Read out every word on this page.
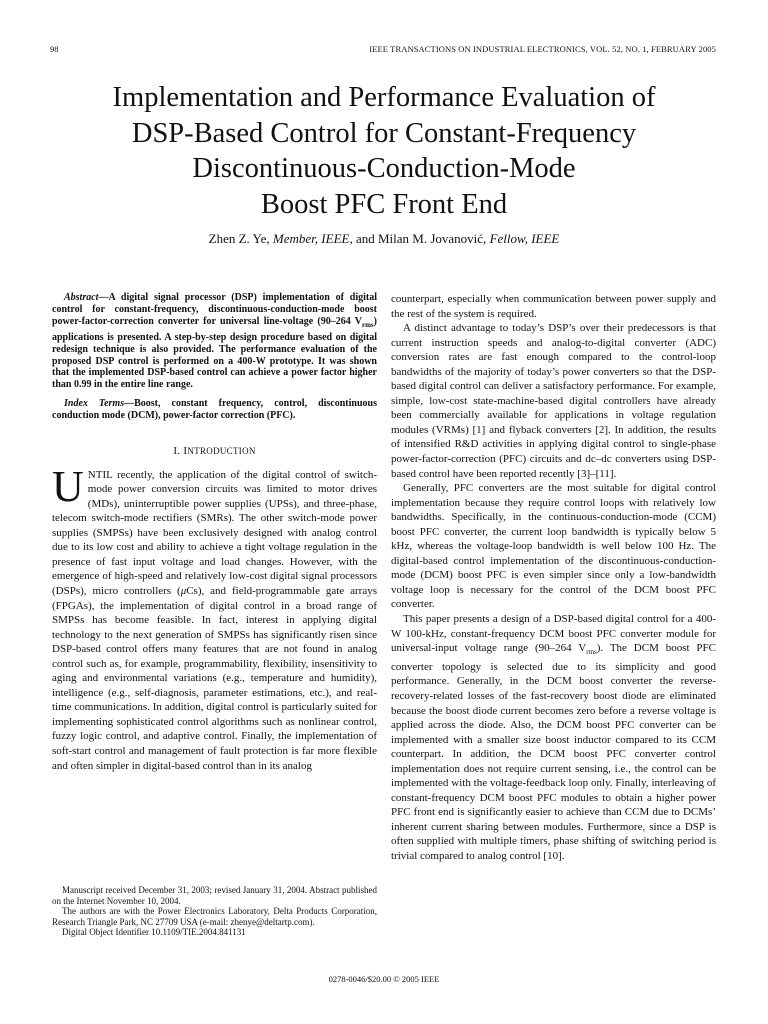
98	IEEE TRANSACTIONS ON INDUSTRIAL ELECTRONICS, VOL. 52, NO. 1, FEBRUARY 2005
Implementation and Performance Evaluation of
DSP-Based Control for Constant-Frequency
Discontinuous-Conduction-Mode
Boost PFC Front End
Zhen Z. Ye, Member, IEEE, and Milan M. Jovanović, Fellow, IEEE

Abstract—A digital signal processor (DSP) implementation of digital control for constant-frequency, discontinuous-conduction-mode boost power-factor-correction converter for universal line-voltage (90–264 $V_{rms}$) applications is presented. A step-by-step design procedure based on digital redesign technique is also provided. The performance evaluation of the proposed DSP control is performed on a 400-W prototype. It was shown that the implemented DSP-based control can achieve a power factor higher than 0.99 in the entire line range.

Index Terms—Boost, constant frequency, control, discontinuous conduction mode (DCM), power-factor correction (PFC).

I. INTRODUCTION

UNTIL recently, the application of the digital control of switch-mode power conversion circuits was limited to motor drives (MDs), uninterruptible power supplies (UPSs), and three-phase, telecom switch-mode rectifiers (SMRs). The other switch-mode power supplies (SMPSs) have been exclusively designed with analog control due to its low cost and ability to achieve a tight voltage regulation in the presence of fast input voltage and load changes. However, with the emergence of high-speed and relatively low-cost digital signal processors (DSPs), micro controllers (μCs), and field-programmable gate arrays (FPGAs), the implementation of digital control in a broad range of SMPSs has become feasible. In fact, interest in applying digital technology to the next generation of SMPSs has significantly risen since DSP-based control offers many features that are not found in analog control such as, for example, programmability, flexibility, insensitivity to aging and environmental variations (e.g., temperature and humidity), intelligence (e.g., self-diagnosis, parameter estimations, etc.), and real-time communications. In addition, digital control is particularly suited for implementing sophisticated control algorithms such as nonlinear control, fuzzy logic control, and adaptive control. Finally, the implementation of soft-start control and management of fault protection is far more flexible and often simpler in digital-based control than in its analog

Manuscript received December 31, 2003; revised January 31, 2004. Abstract published on the Internet November 10, 2004.

The authors are with the Power Electronics Laboratory, Delta Products Corporation, Research Triangle Park, NC 27709 USA (e-mail: zhenye@deltartp.com).

Digital Object Identifier 10.1109/TIE.2004.841131

counterpart, especially when communication between power supply and the rest of the system is required.

A distinct advantage to today’s DSP’s over their predecessors is that current instruction speeds and analog-to-digital converter (ADC) conversion rates are fast enough compared to the control-loop bandwidths of the majority of today’s power converters so that the DSP-based digital control can deliver a satisfactory performance. For example, simple, low-cost state-machine-based digital controllers have already been commercially available for applications in voltage regulation modules (VRMs) [1] and flyback converters [2]. In addition, the results of intensified R&D activities in applying digital control to single-phase power-factor-correction (PFC) circuits and dc–dc converters using DSP-based control have been reported recently [3]–[11].

Generally, PFC converters are the most suitable for digital control implementation because they require control loops with relatively low bandwidths. Specifically, in the continuous-conduction-mode (CCM) boost PFC converter, the current loop bandwidth is typically below 5 kHz, whereas the voltage-loop bandwidth is well below 100 Hz. The digital-based control implementation of the discontinuous-conduction-mode (DCM) boost PFC is even simpler since only a low-bandwidth voltage loop is necessary for the control of the DCM boost PFC converter.

This paper presents a design of a DSP-based digital control for a 400-W 100-kHz, constant-frequency DCM boost PFC converter module for universal-input voltage range (90–264 $V_{rms}$). The DCM boost PFC converter topology is selected due to its simplicity and good performance. Generally, in the DCM boost converter the reverse-recovery-related losses of the fast-recovery boost diode are eliminated because the boost diode current becomes zero before a reverse voltage is applied across the diode. Also, the DCM boost PFC converter can be implemented with a smaller size boost inductor compared to its CCM counterpart. In addition, the DCM boost PFC converter control implementation does not require current sensing, i.e., the control can be implemented with the voltage-feedback loop only. Finally, interleaving of constant-frequency DCM boost PFC modules to obtain a higher power PFC front end is significantly easier to achieve than CCM due to DCMs’ inherent current sharing between modules. Furthermore, since a DSP is often supplied with multiple timers, phase shifting of switching period is trivial compared to analog control [10].

0278-0046/$20.00 © 2005 IEEE
